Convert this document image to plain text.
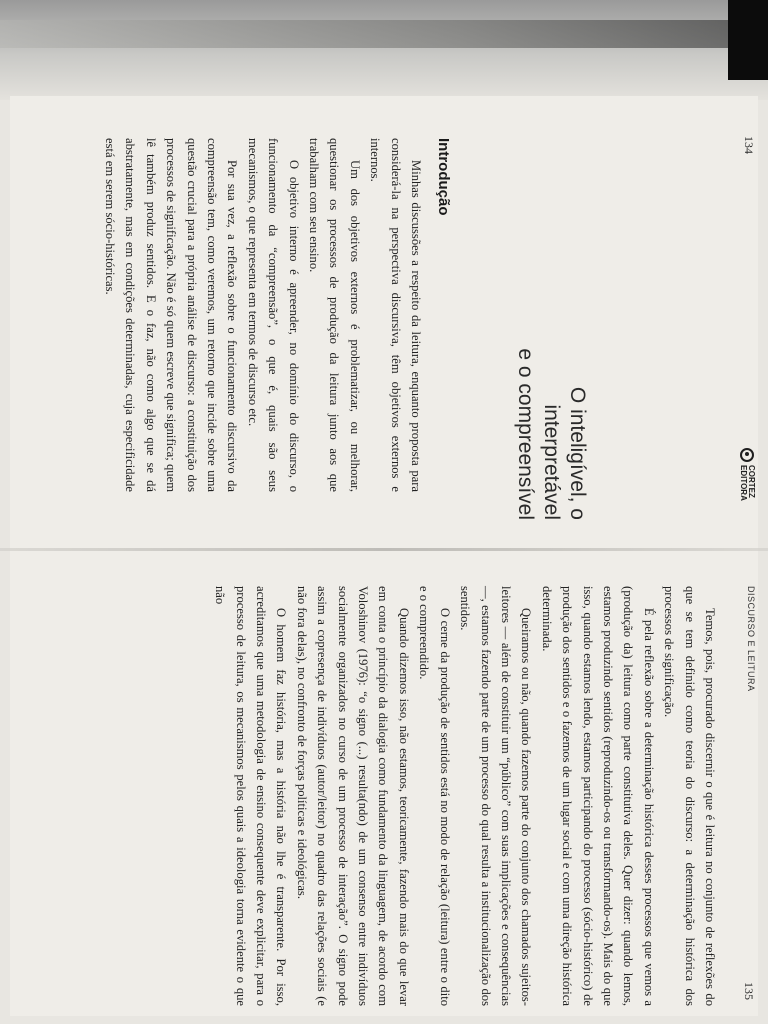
134
CORTEZ
EDITORA
O inteligível, o interpretável
e o compreensível
Introdução

Minhas discussões a respeito da leitura, enquanto proposta para considerá-la na perspectiva discursiva, têm objetivos externos e internos.

Um dos objetivos externos é problematizar, ou melhorar, questionar os processos de produção da leitura junto aos que trabalham com seu ensino.

O objetivo interno é apreender, no domínio do discurso, o funcionamento da “compreensão”, o que é, quais são seus mecanismos, o que representa em termos de discurso etc.

Por sua vez, a reflexão sobre o funcionamento discursivo da compreensão tem, como veremos, um retorno que incide sobre uma questão crucial para a própria análise de discurso: a constituição dos processos de significação. Não é só quem escreve que significa; quem lê também produz sentidos. E o faz, não como algo que se dá abstratamente, mas em condições determinadas, cuja especificidade está em serem sócio-históricas.

135
DISCURSO E LEITURA

Temos, pois, procurado discernir o que é leitura no conjunto de reflexões do que se tem definido como teoria do discurso: a determinação histórica dos processos de significação.

É pela reflexão sobre a determinação histórica desses processos que vemos a (produção da) leitura como parte constitutiva deles. Quer dizer: quando lemos, estamos produzindo sentidos (reproduzindo-os ou transformando-os). Mais do que isso, quando estamos lendo, estamos participando do processo (sócio-histórico) de produção dos sentidos e o fazemos de um lugar social e com uma direção histórica determinada.

Queiramos ou não, quando fazemos parte do conjunto dos chamados sujeitos-leitores — além de constituir um “público” com suas implicações e consequências —, estamos fazendo parte de um processo do qual resulta a institucionalização dos sentidos.

O cerne da produção de sentidos está no modo de relação (leitura) entre o dito e o compreendido.

Quando dizemos isso, não estamos, teoricamente, fazendo mais do que levar em conta o princípio da dialogia como fundamento da linguagem, de acordo com Voloshinov (1976): “o signo (...) resulta(ndo) de um consenso entre indivíduos socialmente organizados no curso de um processo de interação”. O signo pode assim a copresença de indivíduos (autor/leitor) no quadro das relações sociais (e não fora delas), no confronto de forças políticas e ideológicas.

O homem faz história, mas a história não lhe é transparente. Por isso, acreditamos que uma metodologia de ensino consequente deve explicitar, para o processo de leitura, os mecanismos pelos quais a ideologia torna evidente o que não
